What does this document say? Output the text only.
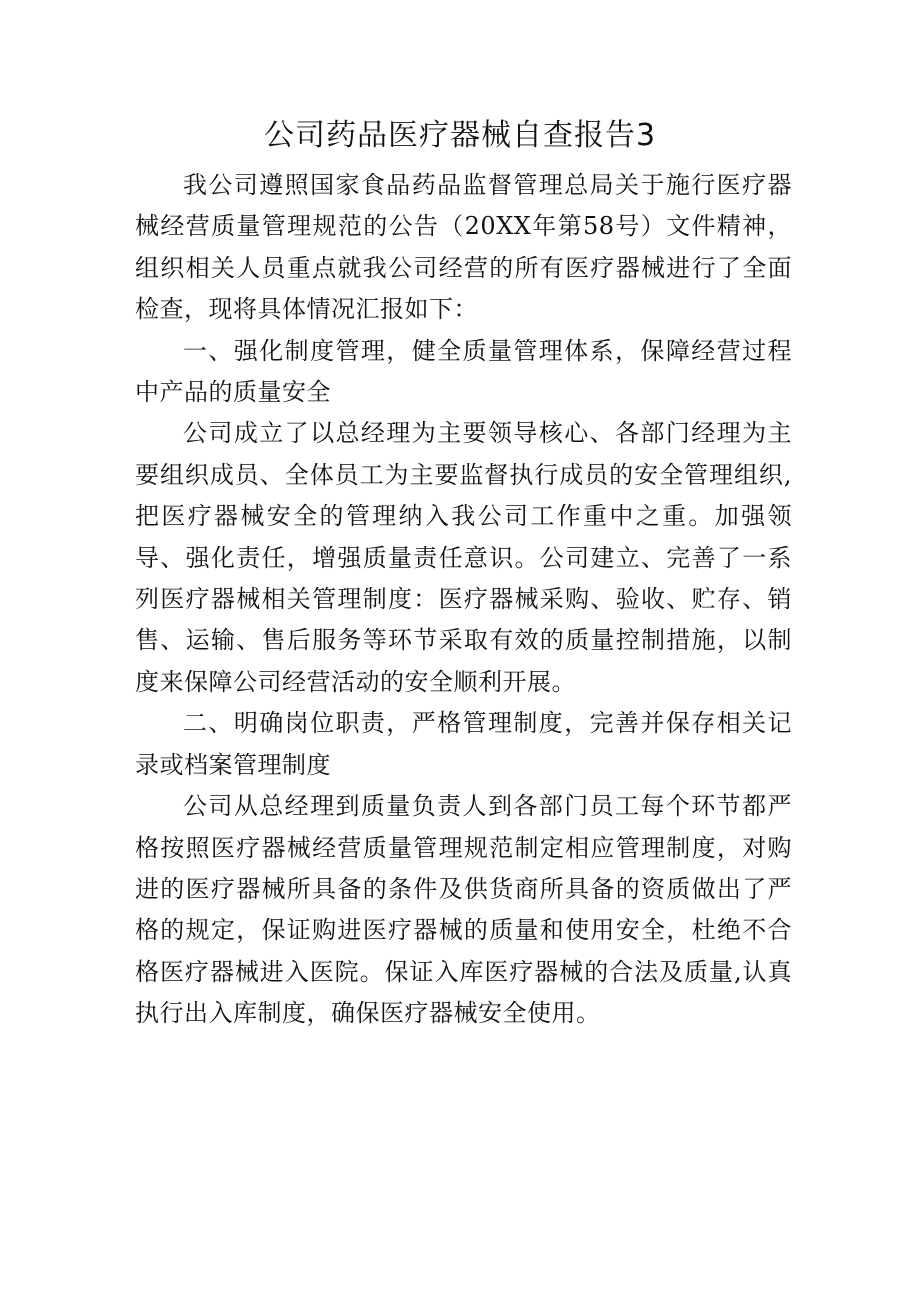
公司药品医疗器械自查报告3

我公司遵照国家食品药品监督管理总局关于施行医疗器械经营质量管理规范的公告（20XX年第58号）文件精神，组织相关人员重点就我公司经营的所有医疗器械进行了全面检查，现将具体情况汇报如下：

一、强化制度管理，健全质量管理体系，保障经营过程中产品的质量安全

公司成立了以总经理为主要领导核心、各部门经理为主要组织成员、全体员工为主要监督执行成员的安全管理组织,把医疗器械安全的管理纳入我公司工作重中之重。加强领导、强化责任，增强质量责任意识。公司建立、完善了一系列医疗器械相关管理制度：医疗器械采购、验收、贮存、销售、运输、售后服务等环节采取有效的质量控制措施，以制度来保障公司经营活动的安全顺利开展。

二、明确岗位职责，严格管理制度，完善并保存相关记录或档案管理制度

公司从总经理到质量负责人到各部门员工每个环节都严格按照医疗器械经营质量管理规范制定相应管理制度，对购进的医疗器械所具备的条件及供货商所具备的资质做出了严格的规定，保证购进医疗器械的质量和使用安全，杜绝不合格医疗器械进入医院。保证入库医疗器械的合法及质量,认真执行出入库制度，确保医疗器械安全使用。
